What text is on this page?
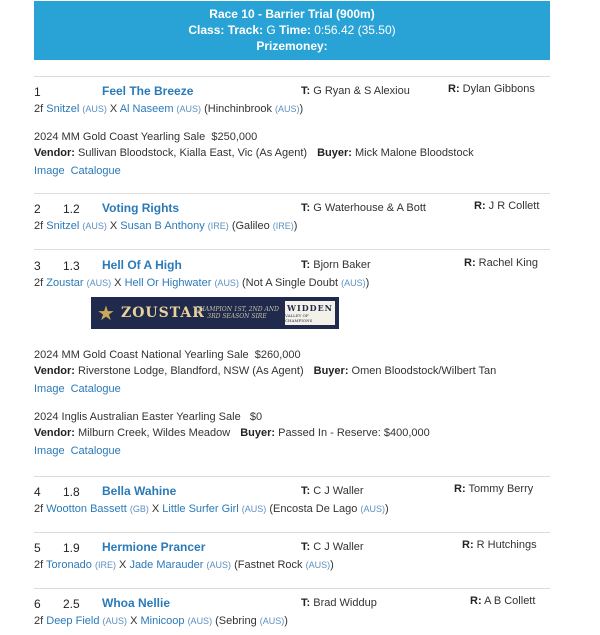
Race 10 - Barrier Trial (900m)
Class: Track: G Time: 0:56.42 (35.50)
Prizemoney:
1	Feel The Breeze	T: G Ryan & S Alexiou	R: Dylan Gibbons
2f Snitzel (AUS) X Al Naseem (AUS) (Hinchinbrook (AUS))
2024 MM Gold Coast Yearling Sale $250,000
Vendor: Sullivan Bloodstock, Kialla East, Vic (As Agent) Buyer: Mick Malone Bloodstock
Image Catalogue
2 1.2 Voting Rights	T: G Waterhouse & A Bott	R: J R Collett
2f Snitzel (AUS) X Susan B Anthony (IRE) (Galileo (IRE))
3 1.3 Hell Of A High	T: Bjorn Baker	R: Rachel King
2f Zoustar (AUS) X Hell Or Highwater (AUS) (Not A Single Doubt (AUS))
★ ZOUSTAR
CHAMPION 1ST, 2ND AND 3RD SEASON SIRE
WIDDEN
VALLEY OF CHAMPIONS
2024 MM Gold Coast National Yearling Sale $260,000
Vendor: Riverstone Lodge, Blandford, NSW (As Agent) Buyer: Omen Bloodstock/Wilbert Tan
Image Catalogue
2024 Inglis Australian Easter Yearling Sale $0
Vendor: Milburn Creek, Wildes Meadow Buyer: Passed In - Reserve: $400,000
Image Catalogue
4 1.8 Bella Wahine	T: C J Waller	R: Tommy Berry
2f Wootton Bassett (GB) X Little Surfer Girl (AUS) (Encosta De Lago (AUS))
5 1.9 Hermione Prancer	T: C J Waller	R: R Hutchings
2f Toronado (IRE) X Jade Marauder (AUS) (Fastnet Rock (AUS))
6 2.5 Whoa Nellie	T: Brad Widdup	R: A B Collett
2f Deep Field (AUS) X Minicoop (AUS) (Sebring (AUS))
